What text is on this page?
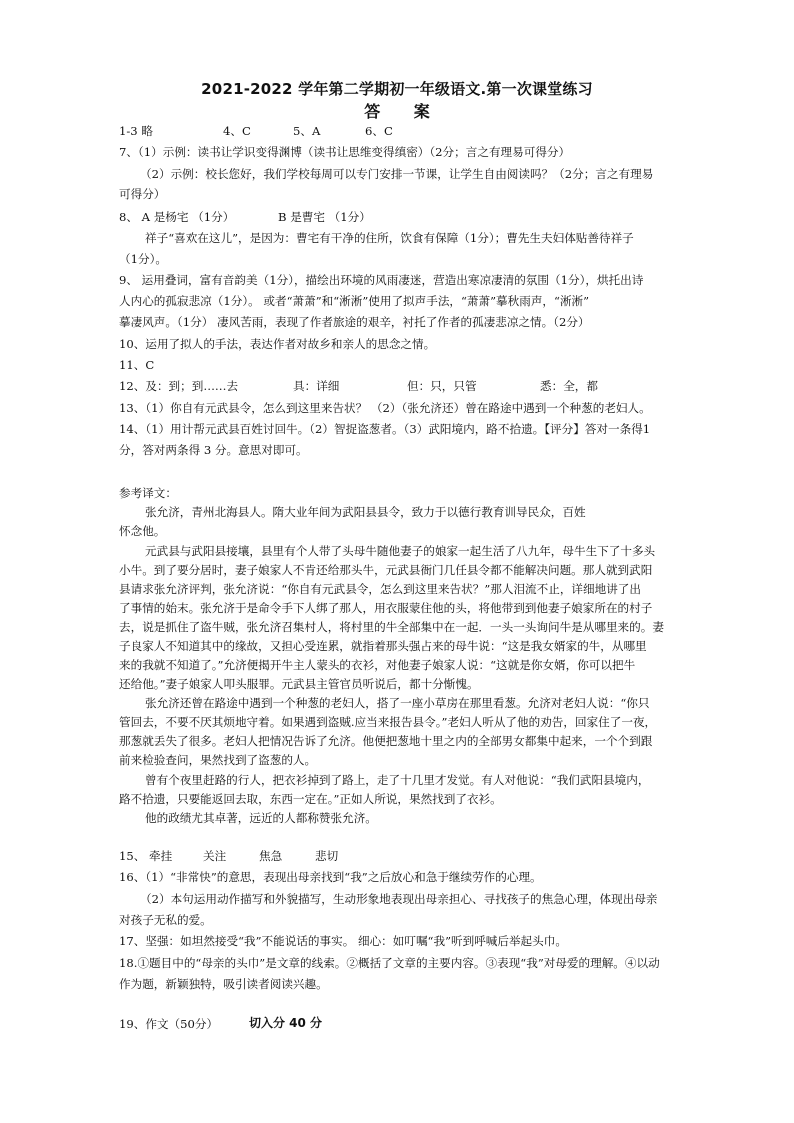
2021-2022 学年第二学期初一年级语文.第一次课堂练习
答 案
1-3 略	4、C	5、A	6、C
7、（1）示例：读书让学识变得渊博（读书让思维变得缜密）（2分；言之有理易可得分）
（2）示例：校长您好，我们学校每周可以专门安排一节课，让学生自由阅读吗？（2分；言之有理易
可得分）
8、 A 是杨宅 （1分）	B 是曹宅 （1分）
祥子“喜欢在这儿”，是因为：曹宅有干净的住所，饮食有保障（1分）；曹先生夫妇体贴善待祥子
（1分）。
9、 运用叠词，富有音韵美（1分），描绘出环境的风雨凄迷，营造出寒凉凄清的氛围（1分），烘托出诗
人内心的孤寂悲凉（1分）。 或者“萧萧”和“淅淅”使用了拟声手法，“萧萧”摹秋雨声，“淅淅”
摹凄风声。（1分） 凄风苦雨，表现了作者旅途的艰辛，衬托了作者的孤凄悲凉之情。（2分）
10、运用了拟人的手法，表达作者对故乡和亲人的思念之情。
11、C
12、及：到；到……去	具：详细	但：只，只管	悉：全，都
13、（1）你自有元武县令，怎么到这里来告状？ （2）（张允济还）曾在路途中遇到一个种葱的老妇人。
14、（1）用计帮元武县百姓讨回牛。（2）智捉盗葱者。（3）武阳境内，路不拾遗。【评分】答对一条得1
分，答对两条得 3 分。意思对即可。
参考译文：
张允济，青州北海县人。隋大业年间为武阳县县令，致力于以德行教育训导民众，百姓
怀念他。
元武县与武阳县接壤，县里有个人带了头母牛随他妻子的娘家一起生活了八九年，母牛生下了十多头
小牛。到了要分居时，妻子娘家人不肯还给那头牛，元武县衙门几任县令都不能解决问题。那人就到武阳
县请求张允济评判，张允济说：“你自有元武县令，怎么到这里来告状？”那人泪流不止，详细地讲了出
了事情的始末。张允济于是命令手下人绑了那人，用衣服蒙住他的头，将他带到到他妻子娘家所在的村子
去，说是抓住了盗牛贼，张允济召集村人，将村里的牛全部集中在一起．一头一头询问牛是从哪里来的。妻
子良家人不知道其中的缘故，又担心受连累，就指着那头强占来的母牛说：“这是我女婿家的牛，从哪里
来的我就不知道了。”允济便揭开牛主人蒙头的衣衫，对他妻子娘家人说：“这就是你女婿，你可以把牛
还给他。”妻子娘家人叩头服罪。元武县主管官员听说后，都十分惭愧。
张允济还曾在路途中遇到一个种葱的老妇人，搭了一座小草房在那里看葱。允济对老妇人说：“你只
管回去，不要不厌其烦地守着。如果遇到盗贼.应当来报告县令。”老妇人听从了他的劝告，回家住了一夜，
那葱就丢失了很多。老妇人把情况告诉了允济。他便把葱地十里之内的全部男女都集中起来，一个个到跟
前来检验查问，果然找到了盗葱的人。
曾有个夜里赶路的行人，把衣衫掉到了路上，走了十几里才发觉。有人对他说：“我们武阳县境内，
路不拾遗，只要能返回去取，东西一定在。”正如人所说，果然找到了衣衫。
他的政绩尤其卓著，远近的人都称赞张允济。
15、 牵挂	关注	焦急	悲切
16、（1）“非常快”的意思，表现出母亲找到“我”之后放心和急于继续劳作的心理。
（2）本句运用动作描写和外貌描写，生动形象地表现出母亲担心、寻找孩子的焦急心理，体现出母亲
对孩子无私的爱。
17、坚强：如坦然接受“我”不能说话的事实。 细心：如叮嘱“我”听到呼喊后举起头巾。
18.①题目中的“母亲的头巾”是文章的线索。②概括了文章的主要内容。③表现“我”对母爱的理解。④以动
作为题，新颖独特，吸引读者阅读兴趣。
19、作文（50分）	切入分 40 分
